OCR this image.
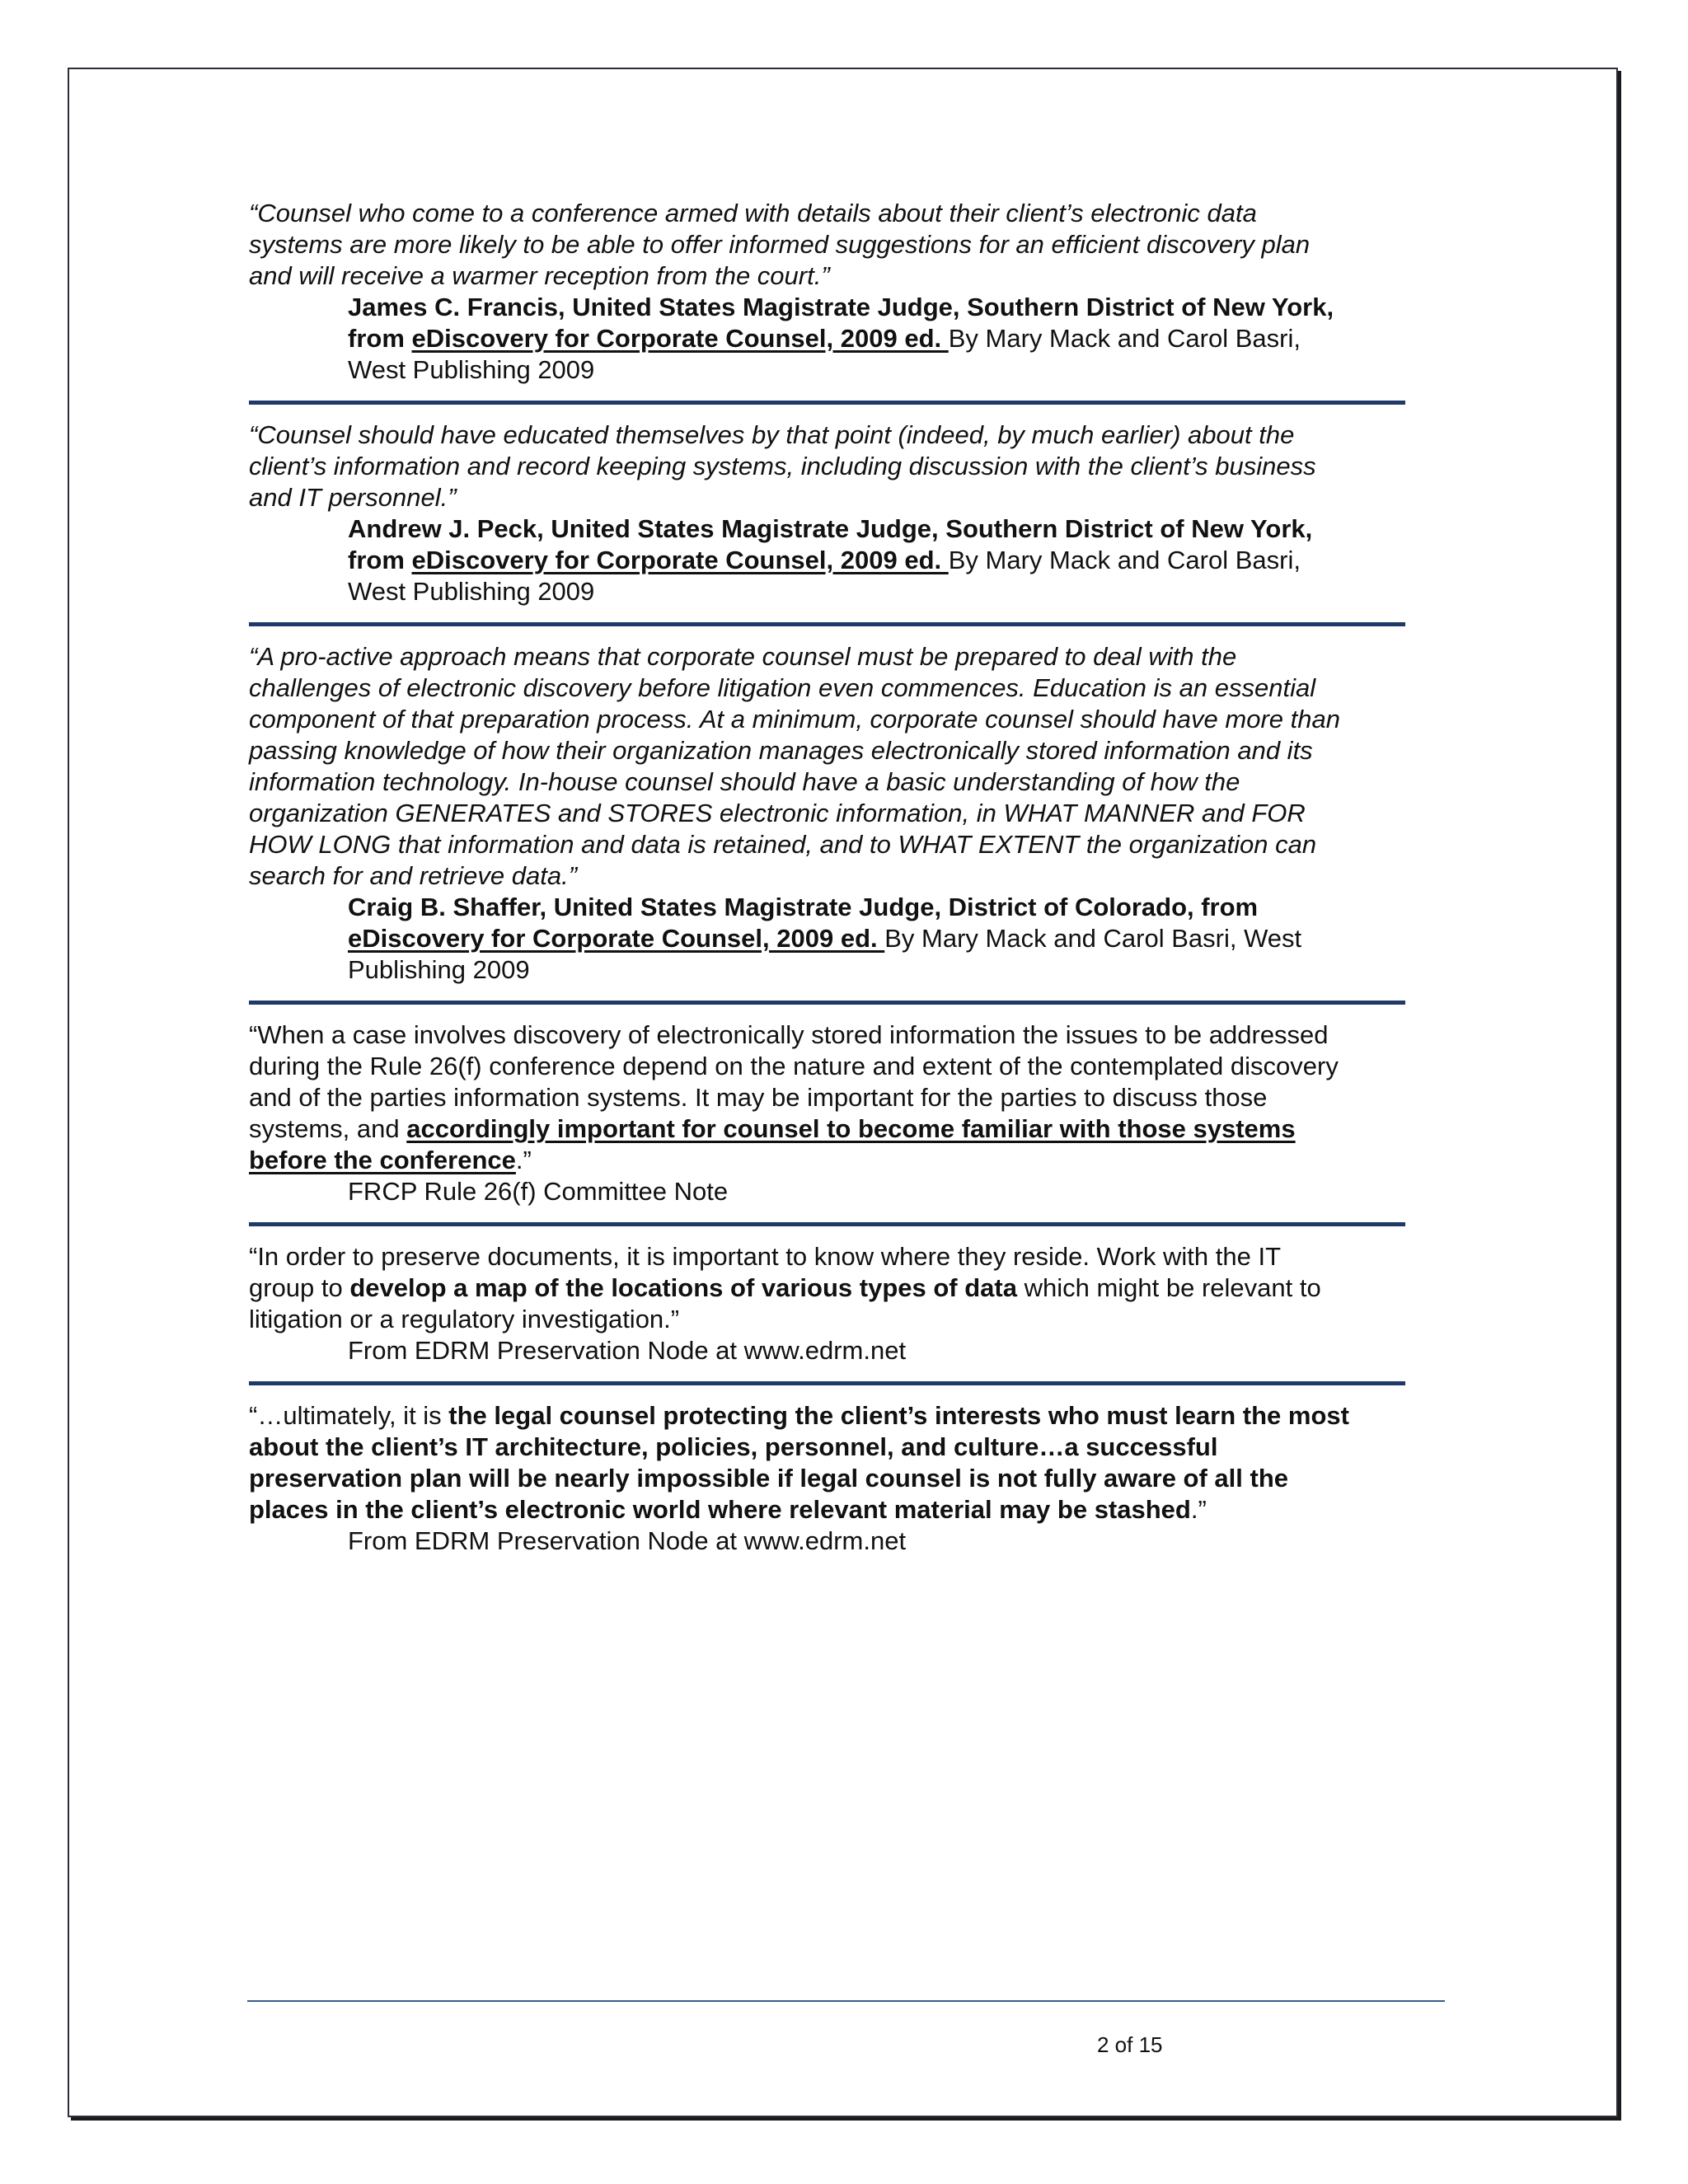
“Counsel who come to a conference armed with details about their client’s electronic data
systems are more likely to be able to offer informed suggestions for an efficient discovery plan
and will receive a warmer reception from the court.”
James C. Francis, United States Magistrate Judge, Southern District of New York,
from eDiscovery for Corporate Counsel, 2009 ed. By Mary Mack and Carol Basri,
West Publishing 2009
“Counsel should have educated themselves by that point (indeed, by much earlier) about the
client’s information and record keeping systems, including discussion with the client’s business
and IT personnel.”
Andrew J. Peck, United States Magistrate Judge, Southern District of New York,
from eDiscovery for Corporate Counsel, 2009 ed. By Mary Mack and Carol Basri,
West Publishing 2009
“A pro-active approach means that corporate counsel must be prepared to deal with the
challenges of electronic discovery before litigation even commences. Education is an essential
component of that preparation process. At a minimum, corporate counsel should have more than
passing knowledge of how their organization manages electronically stored information and its
information technology. In-house counsel should have a basic understanding of how the
organization GENERATES and STORES electronic information, in WHAT MANNER and FOR
HOW LONG that information and data is retained, and to WHAT EXTENT the organization can
search for and retrieve data.”
Craig B. Shaffer, United States Magistrate Judge, District of Colorado, from
eDiscovery for Corporate Counsel, 2009 ed. By Mary Mack and Carol Basri, West
Publishing 2009
“When a case involves discovery of electronically stored information the issues to be addressed
during the Rule 26(f) conference depend on the nature and extent of the contemplated discovery
and of the parties information systems. It may be important for the parties to discuss those
systems, and accordingly important for counsel to become familiar with those systems
before the conference.”
FRCP Rule 26(f) Committee Note
“In order to preserve documents, it is important to know where they reside. Work with the IT
group to develop a map of the locations of various types of data which might be relevant to
litigation or a regulatory investigation.”
From EDRM Preservation Node at www.edrm.net
“…ultimately, it is the legal counsel protecting the client’s interests who must learn the most
about the client’s IT architecture, policies, personnel, and culture…a successful
preservation plan will be nearly impossible if legal counsel is not fully aware of all the
places in the client’s electronic world where relevant material may be stashed.”
From EDRM Preservation Node at www.edrm.net
2 of 15
